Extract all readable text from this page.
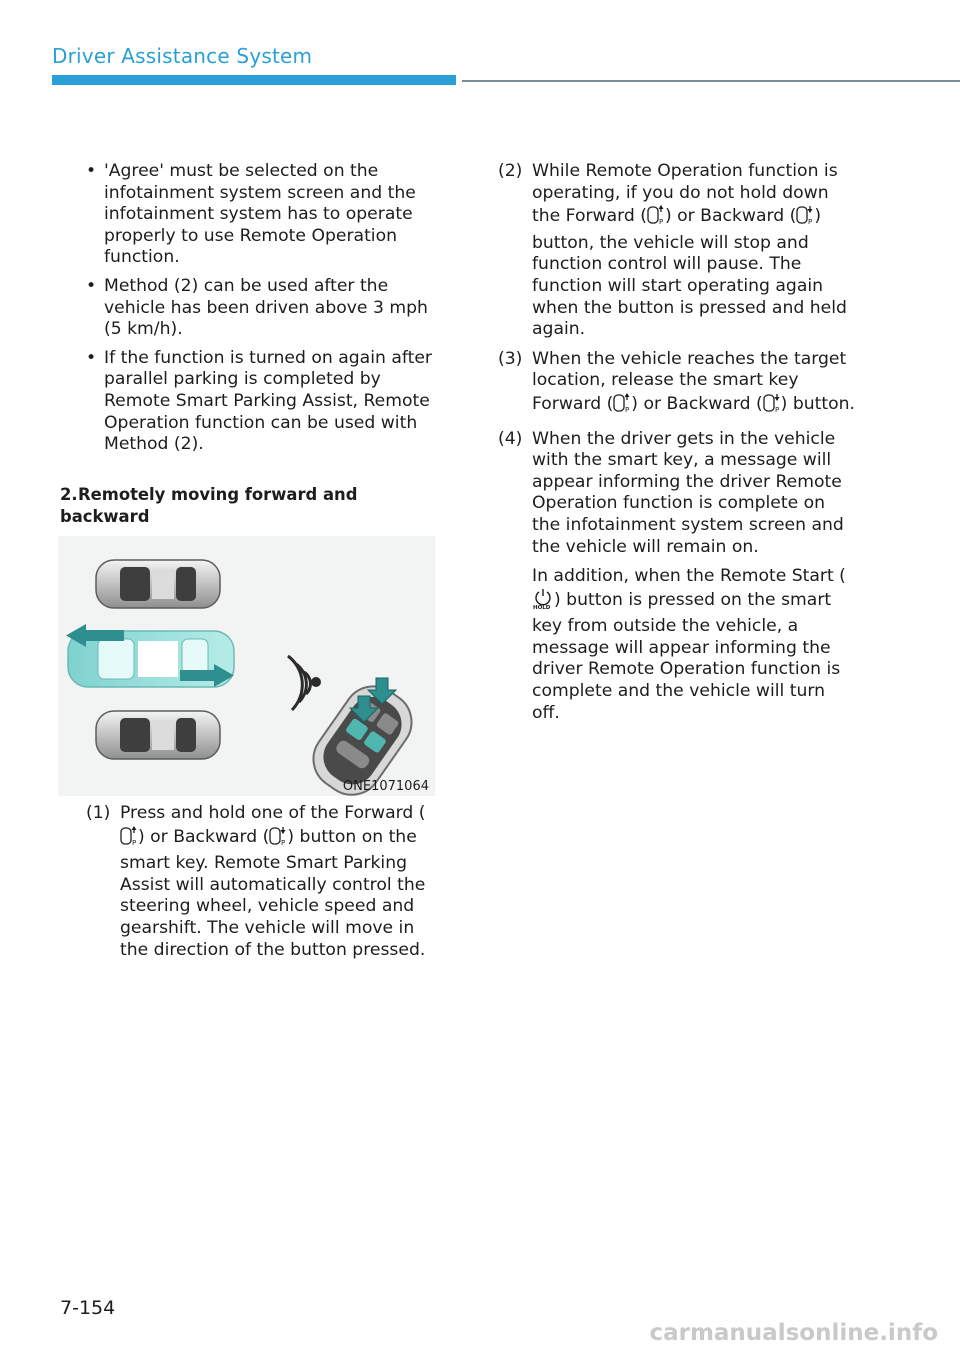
Driver Assistance System
• 'Agree' must be selected on the infotainment system screen and the infotainment system has to operate properly to use Remote Operation function.
• Method (2) can be used after the vehicle has been driven above 3 mph (5 km/h).
• If the function is turned on again after parallel parking is completed by Remote Smart Parking Assist, Remote Operation function can be used with Method (2).
2.Remotely moving forward and backward
ONE1071064
(1) Press and hold one of the Forward (
P ) or Backward ( P ) button on the smart key. Remote Smart Parking Assist will automatically control the steering wheel, vehicle speed and gearshift. The vehicle will move in the direction of the button pressed.
(2) While Remote Operation function is operating, if you do not hold down the Forward ( P ) or Backward ( P ) button, the vehicle will stop and function control will pause. The function will start operating again when the button is pressed and held again.
(3) When the vehicle reaches the target location, release the smart key Forward ( P ) or Backward ( P ) button.
(4) When the driver gets in the vehicle with the smart key, a message will appear informing the driver Remote Operation function is complete on the infotainment system screen and the vehicle will remain on.
In addition, when the Remote Start (
HOLD ) button is pressed on the smart key from outside the vehicle, a message will appear informing the driver Remote Operation function is complete and the vehicle will turn off.
7-154
carmanualsonline.info
